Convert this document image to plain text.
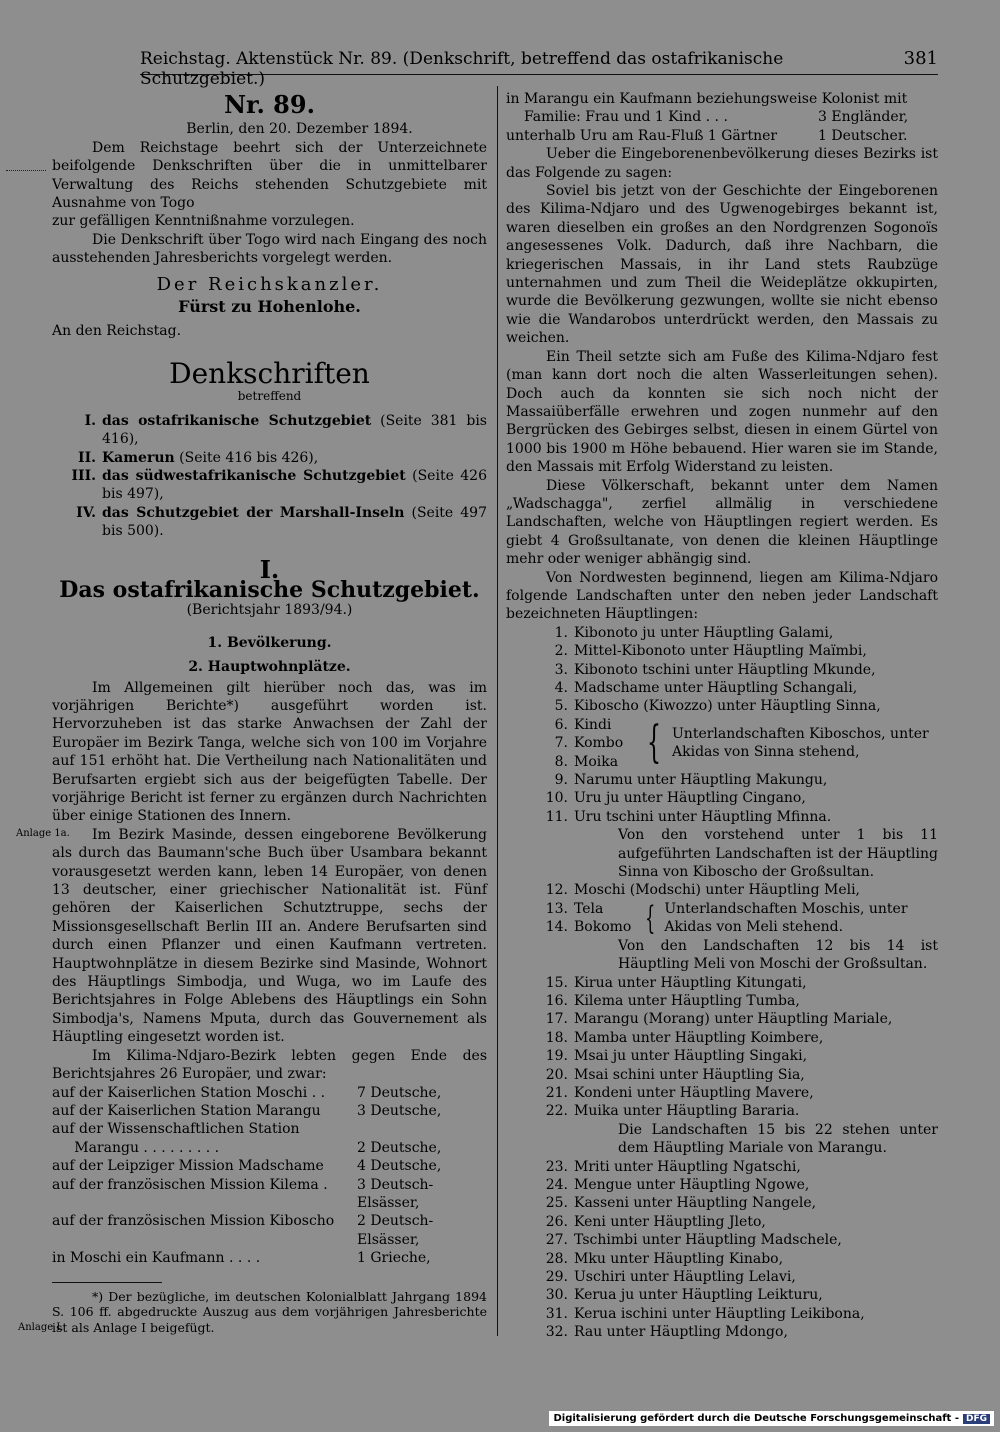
Reichstag. Aktenstück Nr. 89. (Denkschrift, betreffend das ostafrikanische Schutzgebiet.)
381
Anlage 1a.
Anlage I.
Nr. 89.

Berlin, den 20. Dezember 1894.

Dem Reichstage beehrt sich der Unterzeichnete beifolgende Denkschriften über die in unmittelbarer Verwaltung des Reichs stehenden Schutzgebiete mit Ausnahme von Togo

zur gefälligen Kenntnißnahme vorzulegen.

Die Denkschrift über Togo wird nach Eingang des noch ausstehenden Jahresberichts vorgelegt werden.

Der Reichskanzler.
Fürst zu Hohenlohe.

An den Reichstag.

Denkschriften
betreffend
I. das ostafrikanische Schutzgebiet (Seite 381 bis 416),
II. Kamerun (Seite 416 bis 426),
III. das südwestafrikanische Schutzgebiet (Seite 426 bis 497),
IV. das Schutzgebiet der Marshall-Inseln (Seite 497 bis 500).
I.
Das ostafrikanische Schutzgebiet.
(Berichtsjahr 1893/94.)
1. Bevölkerung.
2. Hauptwohnplätze.

Im Allgemeinen gilt hierüber noch das, was im vorjährigen Berichte*) ausgeführt worden ist. Hervorzuheben ist das starke Anwachsen der Zahl der Europäer im Bezirk Tanga, welche sich von 100 im Vorjahre auf 151 erhöht hat. Die Vertheilung nach Nationalitäten und Berufsarten ergiebt sich aus der beigefügten Tabelle. Der vorjährige Bericht ist ferner zu ergänzen durch Nachrichten über einige Stationen des Innern.

Im Bezirk Masinde, dessen eingeborene Bevölkerung als durch das Baumann'sche Buch über Usambara bekannt vorausgesetzt werden kann, leben 14 Europäer, von denen 13 deutscher, einer griechischer Nationalität ist. Fünf gehören der Kaiserlichen Schutztruppe, sechs der Missionsgesellschaft Berlin III an. Andere Berufsarten sind durch einen Pflanzer und einen Kaufmann vertreten. Hauptwohnplätze in diesem Bezirke sind Masinde, Wohnort des Häuptlings Simbodja, und Wuga, wo im Laufe des Berichtsjahres in Folge Ablebens des Häuptlings ein Sohn Simbodja's, Namens Mputa, durch das Gouvernement als Häuptling eingesetzt worden ist.

Im Kilima-Ndjaro-Bezirk lebten gegen Ende des Berichtsjahres 26 Europäer, und zwar:

auf der Kaiserlichen Station Moschi . .	7 Deutsche,
auf der Kaiserlichen Station Marangu	3 Deutsche,
auf der Wissenschaftlichen Station
Marangu . . . . . . . . .	2 Deutsche,
auf der Leipziger Mission Madschame	4 Deutsche,
auf der französischen Mission Kilema .	3 Deutsch-Elsässer,
auf der französischen Mission Kiboscho	2 Deutsch-Elsässer,
in Moschi ein Kaufmann . . . .	1 Grieche,

*) Der bezügliche, im deutschen Kolonialblatt Jahrgang 1894 S. 106 ff. abgedruckte Auszug aus dem vorjährigen Jahresberichte ist als Anlage I beigefügt.

in Marangu ein Kaufmann beziehungsweise Kolonist mit

Familie: Frau und 1 Kind . . .	3 Engländer,
unterhalb Uru am Rau-Fluß 1 Gärtner	1 Deutscher.

Ueber die Eingeborenenbevölkerung dieses Bezirks ist das Folgende zu sagen:

Soviel bis jetzt von der Geschichte der Eingeborenen des Kilima-Ndjaro und des Ugwenogebirges bekannt ist, waren dieselben ein großes an den Nordgrenzen Sogonoïs angesessenes Volk. Dadurch, daß ihre Nachbarn, die kriegerischen Massais, in ihr Land stets Raubzüge unternahmen und zum Theil die Weideplätze okkupirten, wurde die Bevölkerung gezwungen, wollte sie nicht ebenso wie die Wandarobos unterdrückt werden, den Massais zu weichen.

Ein Theil setzte sich am Fuße des Kilima-Ndjaro fest (man kann dort noch die alten Wasserleitungen sehen). Doch auch da konnten sie sich noch nicht der Massaiüberfälle erwehren und zogen nunmehr auf den Bergrücken des Gebirges selbst, diesen in einem Gürtel von 1000 bis 1900 m Höhe bebauend. Hier waren sie im Stande, den Massais mit Erfolg Widerstand zu leisten.

Diese Völkerschaft, bekannt unter dem Namen „Wadschagga", zerfiel allmälig in verschiedene Landschaften, welche von Häuptlingen regiert werden. Es giebt 4 Großsultanate, von denen die kleinen Häuptlinge mehr oder weniger abhängig sind.

Von Nordwesten beginnend, liegen am Kilima-Ndjaro folgende Landschaften unter den neben jeder Landschaft bezeichneten Häuptlingen:

1. Kibonoto ju unter Häuptling Galami,
2. Mittel-Kibonoto unter Häuptling Maïmbi,
3. Kibonoto tschini unter Häuptling Mkunde,
4. Madschame unter Häuptling Schangali,
5. Kiboscho (Kiwozzo) unter Häuptling Sinna,
6. Kindi
7. Kombo
8. Moika { Unterlandschaften Kiboschos, unter Akidas von Sinna stehend,
9. Narumu unter Häuptling Makungu,
10. Uru ju unter Häuptling Cingano,
11. Uru tschini unter Häuptling Mfinna.

Von den vorstehend unter 1 bis 11 aufgeführten Landschaften ist der Häuptling Sinna von Kiboscho der Großsultan.

12. Moschi (Modschi) unter Häuptling Meli,
13. Tela
14. Bokomo { Unterlandschaften Moschis, unter Akidas von Meli stehend.

Von den Landschaften 12 bis 14 ist Häuptling Meli von Moschi der Großsultan.

15. Kirua unter Häuptling Kitungati,
16. Kilema unter Häuptling Tumba,
17. Marangu (Morang) unter Häuptling Mariale,
18. Mamba unter Häuptling Koimbere,
19. Msai ju unter Häuptling Singaki,
20. Msai schini unter Häuptling Sia,
21. Kondeni unter Häuptling Mavere,
22. Muika unter Häuptling Bararia.

Die Landschaften 15 bis 22 stehen unter dem Häuptling Mariale von Marangu.

23. Mriti unter Häuptling Ngatschi,
24. Mengue unter Häuptling Ngowe,
25. Kasseni unter Häuptling Nangele,
26. Keni unter Häuptling Jleto,
27. Tschimbi unter Häuptling Madschele,
28. Mku unter Häuptling Kinabo,
29. Uschiri unter Häuptling Lelavi,
30. Kerua ju unter Häuptling Leikturu,
31. Kerua ischini unter Häuptling Leikibona,
32. Rau unter Häuptling Mdongo,
Digitalisierung gefördert durch die Deutsche Forschungsgemeinschaft - DFG
